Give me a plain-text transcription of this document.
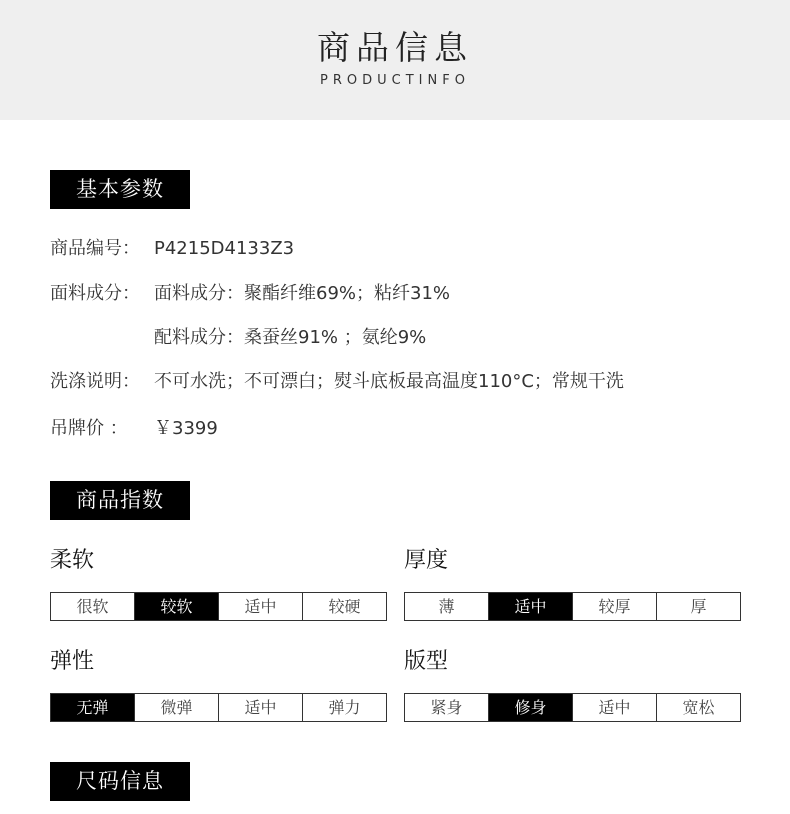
商品信息
PRODUCTINFO
基本参数
商品编号： P4215D4133Z3
面料成分： 面料成分：聚酯纤维69%；粘纤31%
配料成分：桑蚕丝91% ；氨纶9%
洗涤说明： 不可水洗；不可漂白；熨斗底板最高温度110°C；常规干洗
吊牌价 ： ￥3399
商品指数
柔软
很软	较软	适中	较硬
厚度
薄	适中	较厚	厚
弹性
无弹	微弹	适中	弹力
版型
紧身	修身	适中	宽松
尺码信息
